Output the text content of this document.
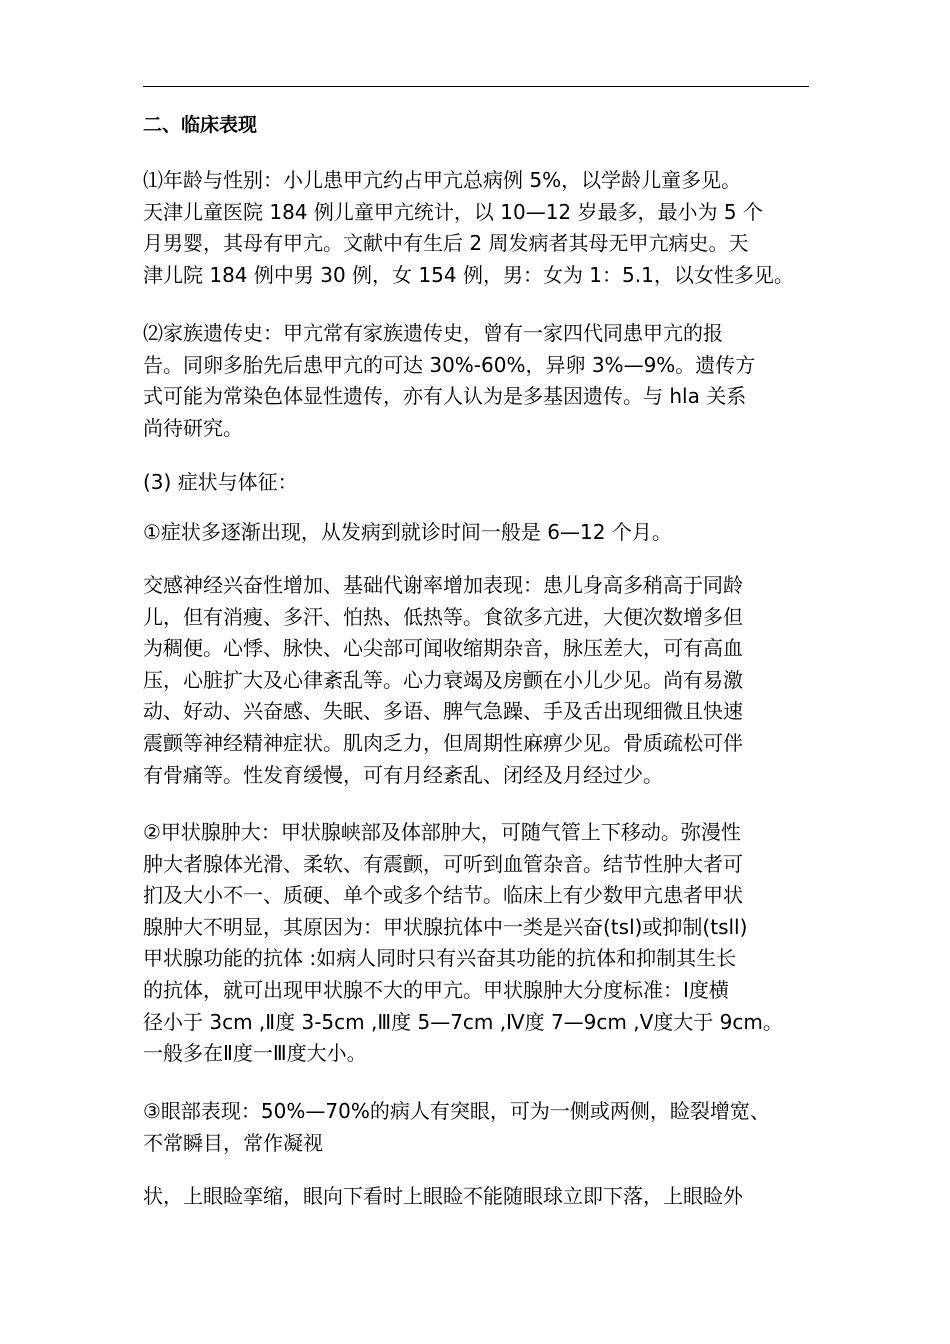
二、临床表现

⑴年龄与性别：小儿患甲亢约占甲亢总病例 5%，以学龄儿童多见。
天津儿童医院 184 例儿童甲亢统计，以 10—12 岁最多，最小为 5 个
月男婴，其母有甲亢。文献中有生后 2 周发病者其母无甲亢病史。天
津儿院 184 例中男 30 例，女 154 例，男：女为 1：5.1，以女性多见。

⑵家族遗传史：甲亢常有家族遗传史，曾有一家四代同患甲亢的报
告。同卵多胎先后患甲亢的可达 30%-60%，异卵 3%—9%。遗传方
式可能为常染色体显性遗传，亦有人认为是多基因遗传。与 hla 关系
尚待研究。

(3) 症状与体征：

①症状多逐渐出现，从发病到就诊时间一般是 6—12 个月。

交感神经兴奋性增加、基础代谢率增加表现：患儿身高多稍高于同龄
儿，但有消瘦、多汗、怕热、低热等。食欲多亢进，大便次数增多但
为稠便。心悸、脉快、心尖部可闻收缩期杂音，脉压差大，可有高血
压，心脏扩大及心律紊乱等。心力衰竭及房颤在小儿少见。尚有易激
动、好动、兴奋感、失眠、多语、脾气急躁、手及舌出现细微且快速
震颤等神经精神症状。肌肉乏力，但周期性麻痹少见。骨质疏松可伴
有骨痛等。性发育缓慢，可有月经紊乱、闭经及月经过少。

②甲状腺肿大：甲状腺峡部及体部肿大，可随气管上下移动。弥漫性
肿大者腺体光滑、柔软、有震颤，可听到血管杂音。结节性肿大者可
扪及大小不一、质硬、单个或多个结节。临床上有少数甲亢患者甲状
腺肿大不明显，其原因为：甲状腺抗体中一类是兴奋(tsl)或抑制(tsll)
甲状腺功能的抗体 :如病人同时只有兴奋其功能的抗体和抑制其生长
的抗体，就可出现甲状腺不大的甲亢。甲状腺肿大分度标准：Ⅰ度横
径小于 3cm ,Ⅱ度 3-5cm ,Ⅲ度 5—7cm ,Ⅳ度 7—9cm ,Ⅴ度大于 9cm。
一般多在Ⅱ度一Ⅲ度大小。

③眼部表现：50%—70%的病人有突眼，可为一侧或两侧，睑裂增宽、
不常瞬目，常作凝视

状，上眼睑挛缩，眼向下看时上眼睑不能随眼球立即下落，上眼睑外
